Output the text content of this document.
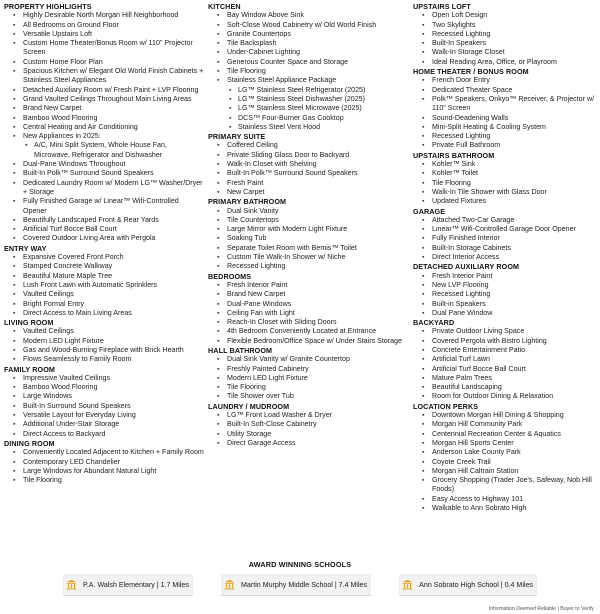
PROPERTY HIGHLIGHTS
▪ Highly Desirable North Morgan Hill Neighborhood
▪ All Bedrooms on Ground Floor
▪ Versatile Upstairs Loft
▪ Custom Home Theater/Bonus Room w/ 110" Projector Screen
▪ Custom Home Floor Plan
▪ Spacious Kitchen w/ Elegant Old World Finish Cabinets + Stainless Steel Appliances
▪ Detached Auxiliary Room w/ Fresh Paint + LVP Flooring
▪ Grand Vaulted Ceilings Throughout Main Living Areas
▪ Brand New Carpet
▪ Bamboo Wood Flooring
▪ Central Heating and Air Conditioning
▪ New Appliances in 2025:
▪ A/C, Mini Split System, Whole House Fan, Microwave, Refrigerator and Dishwasher
▪ Dual-Pane Windows Throughout
▪ Built-In Polk™ Surround Sound Speakers
▪ Dedicated Laundry Room w/ Modern LG™ Washer/Dryer + Storage
▪ Fully Finished Garage w/ Linear™ Wifi-Controlled Opener
▪ Beautifully Landscaped Front & Rear Yards
▪ Artificial Turf Bocce Ball Court
▪ Covered Outdoor Living Area with Pergola
ENTRY WAY
▪ Expansive Covered Front Porch
▪ Stamped Concrete Walkway
▪ Beautiful Mature Maple Tree
▪ Lush Front Lawn with Automatic Sprinklers
▪ Vaulted Ceilings
▪ Bright Formal Entry
▪ Direct Access to Main Living Areas
LIVING ROOM
▪ Vaulted Ceilings
▪ Modern LED Light Fixture
▪ Gas and Wood-Burning Fireplace with Brick Hearth
▪ Flows Seamlessly to Family Room
FAMILY ROOM
▪ Impressive Vaulted Ceilings
▪ Bamboo Wood Flooring
▪ Large Windows
▪ Built-In Surround Sound Speakers
▪ Versatile Layout for Everyday Living
▪ Additional Under-Stair Storage
▪ Direct Access to Backyard
DINING ROOM
▪ Conveniently Located Adjacent to Kitchen + Family Room
▪ Contemporary LED Chandelier
▪ Large Windows for Abundant Natural Light
▪ Tile Flooring
KITCHEN
▪ Bay Window Above Sink
▪ Soft-Close Wood Cabinetry w/ Old World Finish
▪ Granite Countertops
▪ Tile Backsplash
▪ Under-Cabinet Lighting
▪ Generous Counter Space and Storage
▪ Tile Flooring
▪ Stainless Steel Appliance Package
▪ LG™ Stainless Steel Refrigerator (2025)
▪ LG™ Stainless Steel Dishwasher (2025)
▪ LG™ Stainless Steel Microwave (2025)
▪ DCS™ Four-Burner Gas Cooktop
▪ Stainless Steel Vent Hood
PRIMARY SUITE
▪ Coffered Ceiling
▪ Private Sliding Glass Door to Backyard
▪ Walk-In Closet with Shelving
▪ Built-In Polk™ Surround Sound Speakers
▪ Fresh Paint
▪ New Carpet
PRIMARY BATHROOM
▪ Dual Sink Vanity
▪ Tile Countertops
▪ Large Mirror with Modern Light Fixture
▪ Soaking Tub
▪ Separate Toilet Room with Bemis™ Toilet
▪ Custom Tile Walk-In Shower w/ Niche
▪ Recessed Lighting
BEDROOMS
▪ Fresh Interior Paint
▪ Brand New Carpet
▪ Dual-Pane Windows
▪ Ceiling Fan with Light
▪ Reach-In Closet with Sliding Doors
▪ 4th Bedroom Conveniently Located at Entrance
▪ Flexible Bedroom/Office Space w/ Under Stairs Storage
HALL BATHROOM
▪ Dual Sink Vanity w/ Granite Countertop
▪ Freshly Painted Cabinetry
▪ Modern LED Light Fixture
▪ Tile Flooring
▪ Tile Shower over Tub
LAUNDRY / MUDROOM
▪ LG™ Front Load Washer & Dryer
▪ Built-In Soft-Close Cabinetry
▪ Utility Storage
▪ Direct Garage Access
UPSTAIRS LOFT
▪ Open Loft Design
▪ Two Skylights
▪ Recessed Lighting
▪ Built-In Speakers
▪ Walk-In Storage Closet
▪ Ideal Reading Area, Office, or Playroom
HOME THEATER / BONUS ROOM
▪ French Door Entry
▪ Dedicated Theater Space
▪ Polk™ Speakers, Onkyo™ Receiver, & Projector w/ 110" Screen
▪ Sound-Deadening Walls
▪ Mini-Split Heating & Cooling System
▪ Recessed Lighting
▪ Private Full Bathroom
UPSTAIRS BATHROOM
▪ Kohler™ Sink
▪ Kohler™ Toilet
▪ Tile Flooring
▪ Walk-In Tile Shower with Glass Door
▪ Updated Fixtures
GARAGE
▪ Attached Two-Car Garage
▪ Linear™ Wifi-Controlled Garage Door Opener
▪ Fully Finished Interior
▪ Built-In Storage Cabinets
▪ Direct Interior Access
DETACHED AUXILIARY ROOM
▪ Fresh Interior Paint
▪ New LVP Flooring
▪ Recessed Lighting
▪ Built-in Speakers
▪ Dual Pane Window
BACKYARD
▪ Private Outdoor Living Space
▪ Covered Pergola with Bistro Lighting
▪ Concrete Entertainment Patio
▪ Artificial Turf Lawn
▪ Artificial Turf Bocce Ball Court
▪ Mature Palm Trees
▪ Beautiful Landscaping
▪ Room for Outdoor Dining & Relaxation
LOCATION PERKS
▪ Downtown Morgan Hill Dining & Shopping
▪ Morgan Hill Community Park
▪ Centennial Recreation Center & Aquatics
▪ Morgan Hill Sports Center
▪ Anderson Lake County Park
▪ Coyote Creek Trail
▪ Morgan Hill Caltrain Station
▪ Grocery Shopping (Trader Joe's, Safeway, Nob Hill Foods)
▪ Easy Access to Highway 101
▪ Walkable to Ann Sobrato High
AWARD WINNING SCHOOLS
P.A. Walsh Elementary | 1.7 Miles	Martin Murphy Middle School | 7.4 Miles	Ann Sobrato High School | 0.4 Miles
Information Deemed Reliable | Buyer to Verify
